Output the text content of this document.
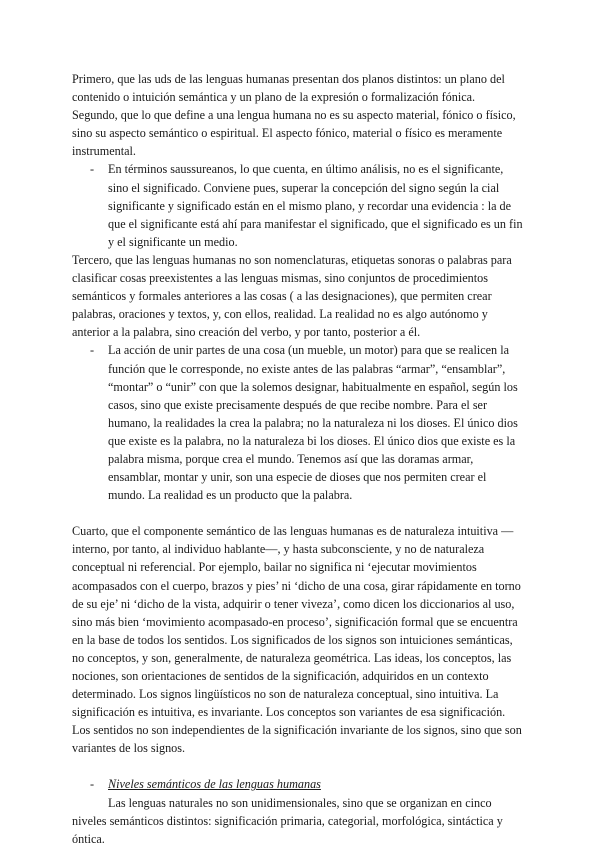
Primero, que las uds de las lenguas humanas presentan dos planos distintos: un plano del contenido o intuición semántica y un plano de la expresión o formalización fónica.

Segundo, que lo que define a una lengua humana no es su aspecto material, fónico o físico, sino su aspecto semántico o espiritual. El aspecto fónico, material o físico es meramente instrumental.

- En términos saussureanos, lo que cuenta, en último análisis, no es el significante, sino el significado. Conviene pues, superar la concepción del signo según la cial significante y significado están en el mismo plano, y recordar una evidencia : la de que el significante está ahí para manifestar el significado, que el significado es un fin y el significante un medio.

Tercero, que las lenguas humanas no son nomenclaturas, etiquetas sonoras o palabras para clasificar cosas preexistentes a las lenguas mismas, sino conjuntos de procedimientos semánticos y formales anteriores a las cosas ( a las designaciones), que permiten crear palabras, oraciones y textos, y, con ellos, realidad. La realidad no es algo autónomo y anterior a la palabra, sino creación del verbo, y por tanto, posterior a él.

- La acción de unir partes de una cosa (un mueble, un motor) para que se realicen la función que le corresponde, no existe antes de las palabras “armar”, “ensamblar”, “montar” o “unir” con que la solemos designar, habitualmente en español, según los casos, sino que existe precisamente después de que recibe nombre. Para el ser humano, la realidades la crea la palabra; no la naturaleza ni los dioses. El único dios que existe es la palabra, no la naturaleza bi los dioses. El único dios que existe es la palabra misma, porque crea el mundo. Tenemos así que las doramas armar, ensamblar, montar y unir, son una especie de dioses que nos permiten crear el mundo. La realidad es un producto que la palabra.

Cuarto, que el componente semántico de las lenguas humanas es de naturaleza intuitiva —interno, por tanto, al individuo hablante—, y hasta subconsciente, y no de naturaleza conceptual ni referencial. Por ejemplo, bailar no significa ni ‘ejecutar movimientos acompasados con el cuerpo, brazos y pies’ ni ‘dicho de una cosa, girar rápidamente en torno de su eje’ ni ‘dicho de la vista, adquirir o tener viveza’, como dicen los diccionarios al uso, sino más bien ‘movimiento acompasado-en proceso’, significación formal que se encuentra en la base de todos los sentidos. Los significados de los signos son intuiciones semánticas, no conceptos, y son, generalmente, de naturaleza geométrica. Las ideas, los conceptos, las nociones, son orientaciones de sentidos de la significación, adquiridos en un contexto determinado. Los signos lingüísticos no son de naturaleza conceptual, sino intuitiva. La significación es intuitiva, es invariante. Los conceptos son variantes de esa significación. Los sentidos no son independientes de la significación invariante de los signos, sino que son variantes de los signos.

- Niveles semánticos de las lenguas humanas

Las lenguas naturales no son unidimensionales, sino que se organizan en cinco niveles semánticos distintos: significación primaria, categorial, morfológica, sintáctica y óntica.
